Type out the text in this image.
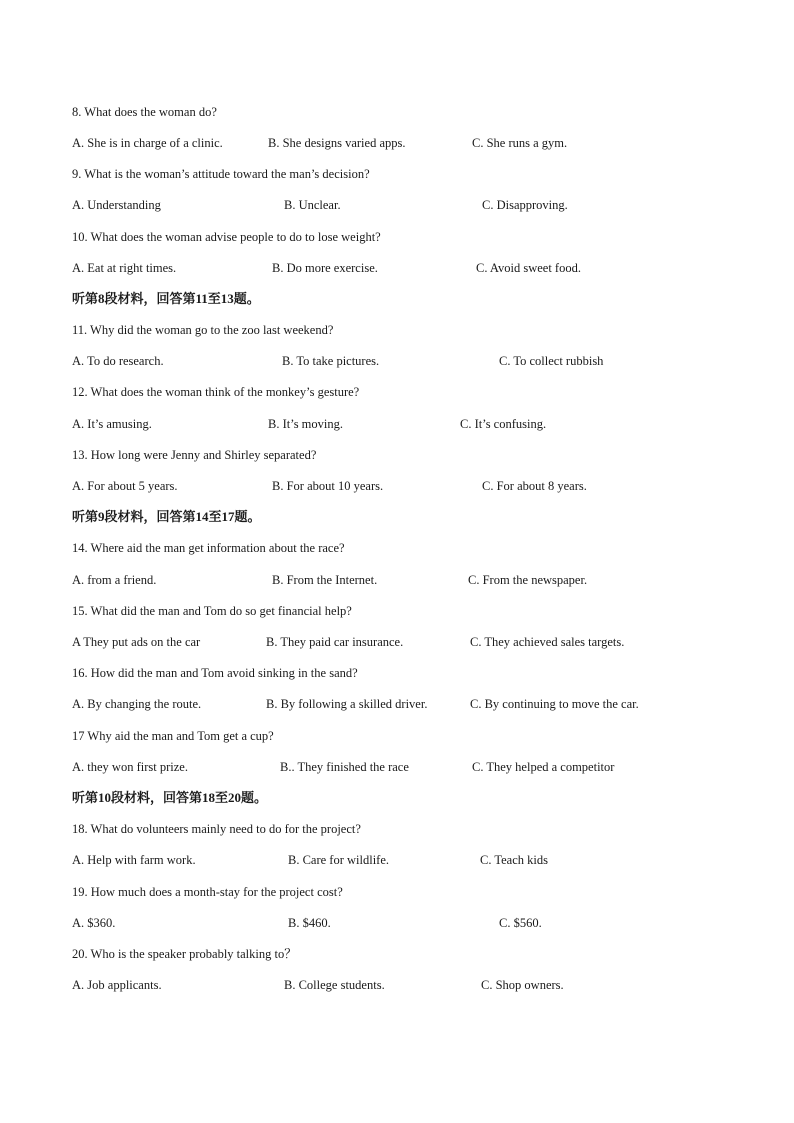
8. What does the woman do?
A. She is in charge of a clinic.	B. She designs varied apps.	C. She runs a gym.
9. What is the woman’s attitude toward the man’s decision?
A. Understanding	B. Unclear.	C. Disapproving.
10. What does the woman advise people to do to lose weight?
A. Eat at right times.	B. Do more exercise.	C. Avoid sweet food.
听第8段材料，回答第11至13题。
11. Why did the woman go to the zoo last weekend?
A. To do research.	B. To take pictures.	C. To collect rubbish
12. What does the woman think of the monkey’s gesture?
A. It’s amusing.	B. It’s moving.	C. It’s confusing.
13. How long were Jenny and Shirley separated?
A. For about 5 years.	B. For about 10 years.	C. For about 8 years.
听第9段材料，回答第14至17题。
14. Where aid the man get information about the race?
A. from a friend.	B. From the Internet.	C. From the newspaper.
15. What did the man and Tom do so get financial help?
A They put ads on the car	B. They paid car insurance.	C. They achieved sales targets.
16. How did the man and Tom avoid sinking in the sand?
A. By changing the route.	B. By following a skilled driver.	C. By continuing to move the car.
17 Why aid the man and Tom get a cup?
A. they won first prize.	B.. They finished the race	C. They helped a competitor
听第10段材料，回答第18至20题。
18. What do volunteers mainly need to do for the project?
A. Help with farm work.	B. Care for wildlife.	C. Teach kids
19. How much does a month-stay for the project cost?
A. $360.	B. $460.	C. $560.
20. Who is the speaker probably talking to？
A. Job applicants.	B. College students.	C. Shop owners.
